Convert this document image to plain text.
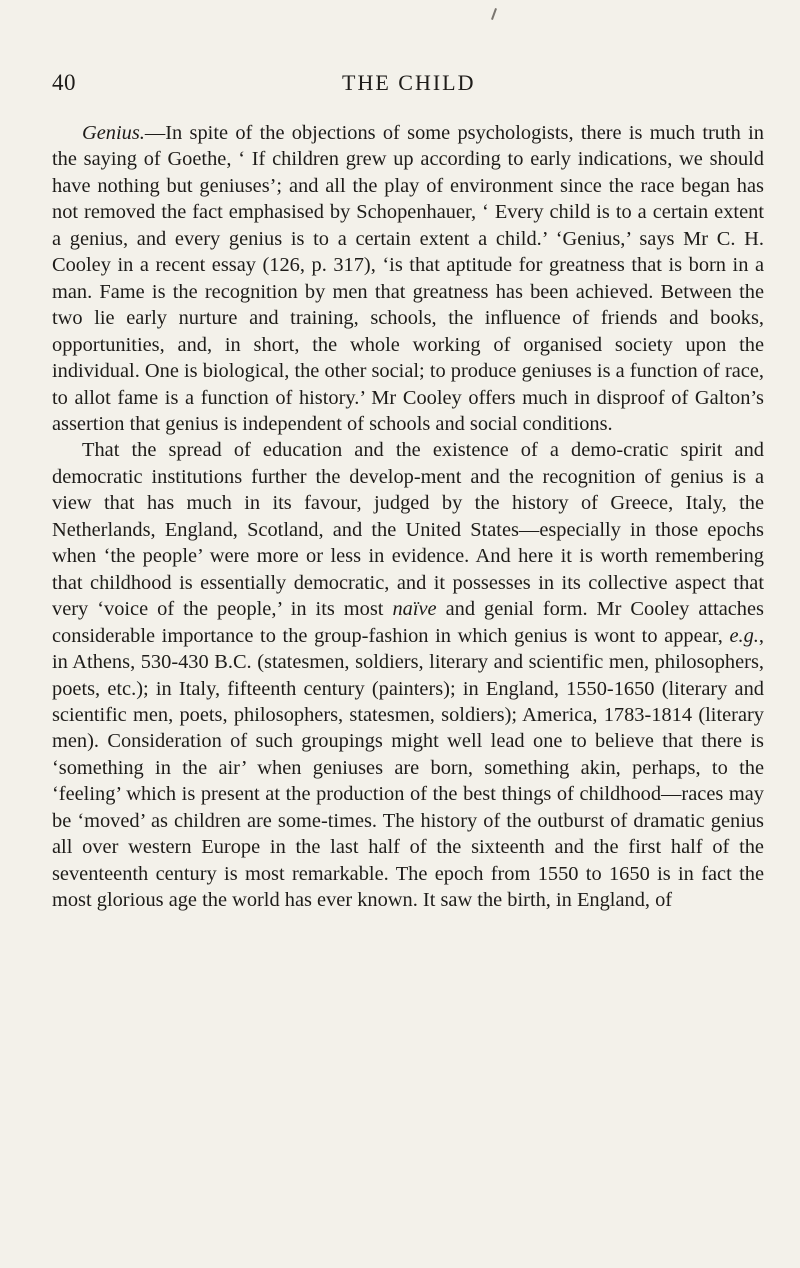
40	THE CHILD

Genius.—In spite of the objections of some psychologists, there is much truth in the saying of Goethe, ‘ If children grew up according to early indications, we should have nothing but geniuses’; and all the play of environment since the race began has not removed the fact emphasised by Schopenhauer, ‘ Every child is to a certain extent a genius, and every genius is to a certain extent a child.’ ‘Genius,’ says Mr C. H. Cooley in a recent essay (126, p. 317), ‘is that aptitude for greatness that is born in a man. Fame is the recognition by men that greatness has been achieved. Between the two lie early nurture and training, schools, the influence of friends and books, opportunities, and, in short, the whole working of organised society upon the individual. One is biological, the other social; to produce geniuses is a function of race, to allot fame is a function of history.’ Mr Cooley offers much in disproof of Galton’s assertion that genius is independent of schools and social conditions.

That the spread of education and the existence of a demo-cratic spirit and democratic institutions further the develop-ment and the recognition of genius is a view that has much in its favour, judged by the history of Greece, Italy, the Netherlands, England, Scotland, and the United States—especially in those epochs when ‘the people’ were more or less in evidence. And here it is worth remembering that childhood is essentially democratic, and it possesses in its collective aspect that very ‘voice of the people,’ in its most naïve and genial form. Mr Cooley attaches considerable importance to the group-fashion in which genius is wont to appear, e.g., in Athens, 530-430 B.C. (statesmen, soldiers, literary and scientific men, philosophers, poets, etc.); in Italy, fifteenth century (painters); in England, 1550-1650 (literary and scientific men, poets, philosophers, statesmen, soldiers); America, 1783-1814 (literary men). Consideration of such groupings might well lead one to believe that there is ‘something in the air’ when geniuses are born, something akin, perhaps, to the ‘feeling’ which is present at the production of the best things of childhood—races may be ‘moved’ as children are some-times. The history of the outburst of dramatic genius all over western Europe in the last half of the sixteenth and the first half of the seventeenth century is most remarkable. The epoch from 1550 to 1650 is in fact the most glorious age the world has ever known. It saw the birth, in England, of
